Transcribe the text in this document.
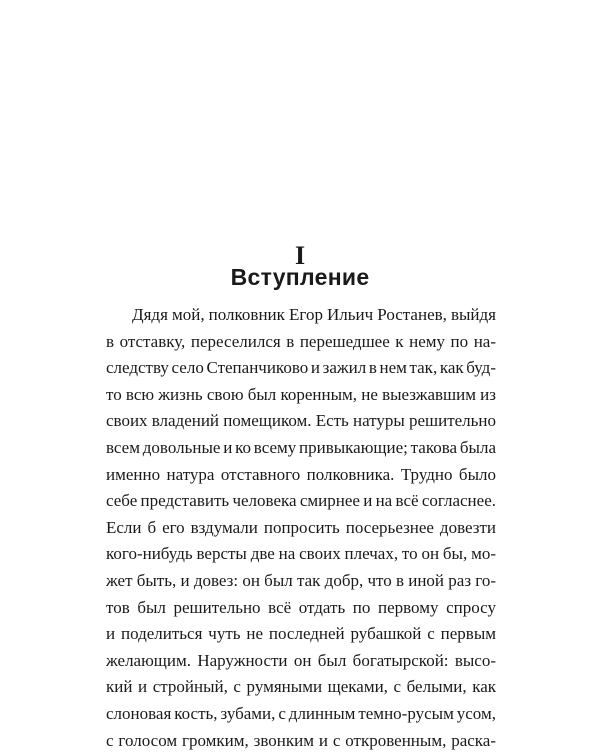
I
Вступление
Дядя мой, полковник Егор Ильич Ростанев, выйдя
в отставку, переселился в перешедшее к нему по на-
следству село Степанчиково и зажил в нем так, как буд-
то всю жизнь свою был коренным, не выезжавшим из
своих владений помещиком. Есть натуры решительно
всем довольные и ко всему привыкающие; такова была
именно натура отставного полковника. Трудно было
себе представить человека смирнее и на всё согласнее.
Если б его вздумали попросить посерьезнее довезти
кого-нибудь версты две на своих плечах, то он бы, мо-
жет быть, и довез: он был так добр, что в иной раз го-
тов был решительно всё отдать по первому спросу
и поделиться чуть не последней рубашкой с первым
желающим. Наружности он был богатырской: высо-
кий и стройный, с румяными щеками, с белыми, как
слоновая кость, зубами, с длинным темно-русым усом,
с голосом громким, звонким и с откровенным, раска-
